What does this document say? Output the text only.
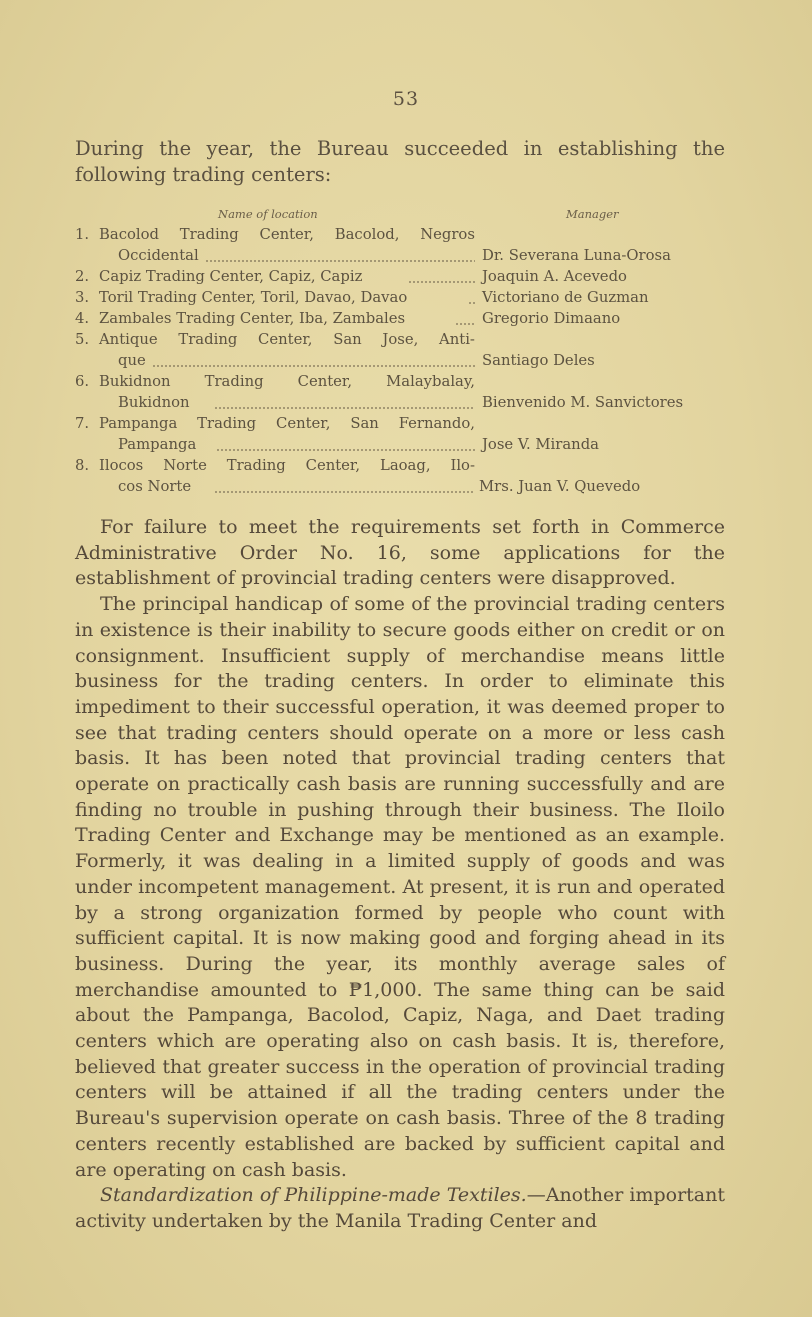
53
During the year, the Bureau succeeded in establishing the following trading centers:
Name of location	Manager
1. Bacolod Trading Center, Bacolod, Negros
Occidental	Dr. Severana Luna-Orosa
2. Capiz Trading Center, Capiz, Capiz	Joaquin A. Acevedo
3. Toril Trading Center, Toril, Davao, Davao	Victoriano de Guzman
4. Zambales Trading Center, Iba, Zambales	Gregorio Dimaano
5. Antique Trading Center, San Jose, Anti-
que	Santiago Deles
6. Bukidnon Trading Center, Malaybalay,
Bukidnon	Bienvenido M. Sanvictores
7. Pampanga Trading Center, San Fernando,
Pampanga	Jose V. Miranda
8. Ilocos Norte Trading Center, Laoag, Ilo-
cos Norte	Mrs. Juan V. Quevedo

For failure to meet the requirements set forth in Commerce Administrative Order No. 16, some applications for the establishment of provincial trading centers were disapproved.

The principal handicap of some of the provincial trading centers in existence is their inability to secure goods either on credit or on consignment. Insufficient supply of merchandise means little business for the trading centers. In order to eliminate this impediment to their successful operation, it was deemed proper to see that trading centers should operate on a more or less cash basis. It has been noted that provincial trading centers that operate on practically cash basis are running successfully and are finding no trouble in pushing through their business. The Iloilo Trading Center and Exchange may be mentioned as an example. Formerly, it was dealing in a limited supply of goods and was under incompetent management. At present, it is run and operated by a strong organization formed by people who count with sufficient capital. It is now making good and forging ahead in its business. During the year, its monthly average sales of merchandise amounted to ₱1,000. The same thing can be said about the Pampanga, Bacolod, Capiz, Naga, and Daet trading centers which are operating also on cash basis. It is, therefore, believed that greater success in the operation of provincial trading centers will be attained if all the trading centers under the Bureau's supervision operate on cash basis. Three of the 8 trading centers recently established are backed by sufficient capital and are operating on cash basis.

Standardization of Philippine-made Textiles.—Another important activity undertaken by the Manila Trading Center and
